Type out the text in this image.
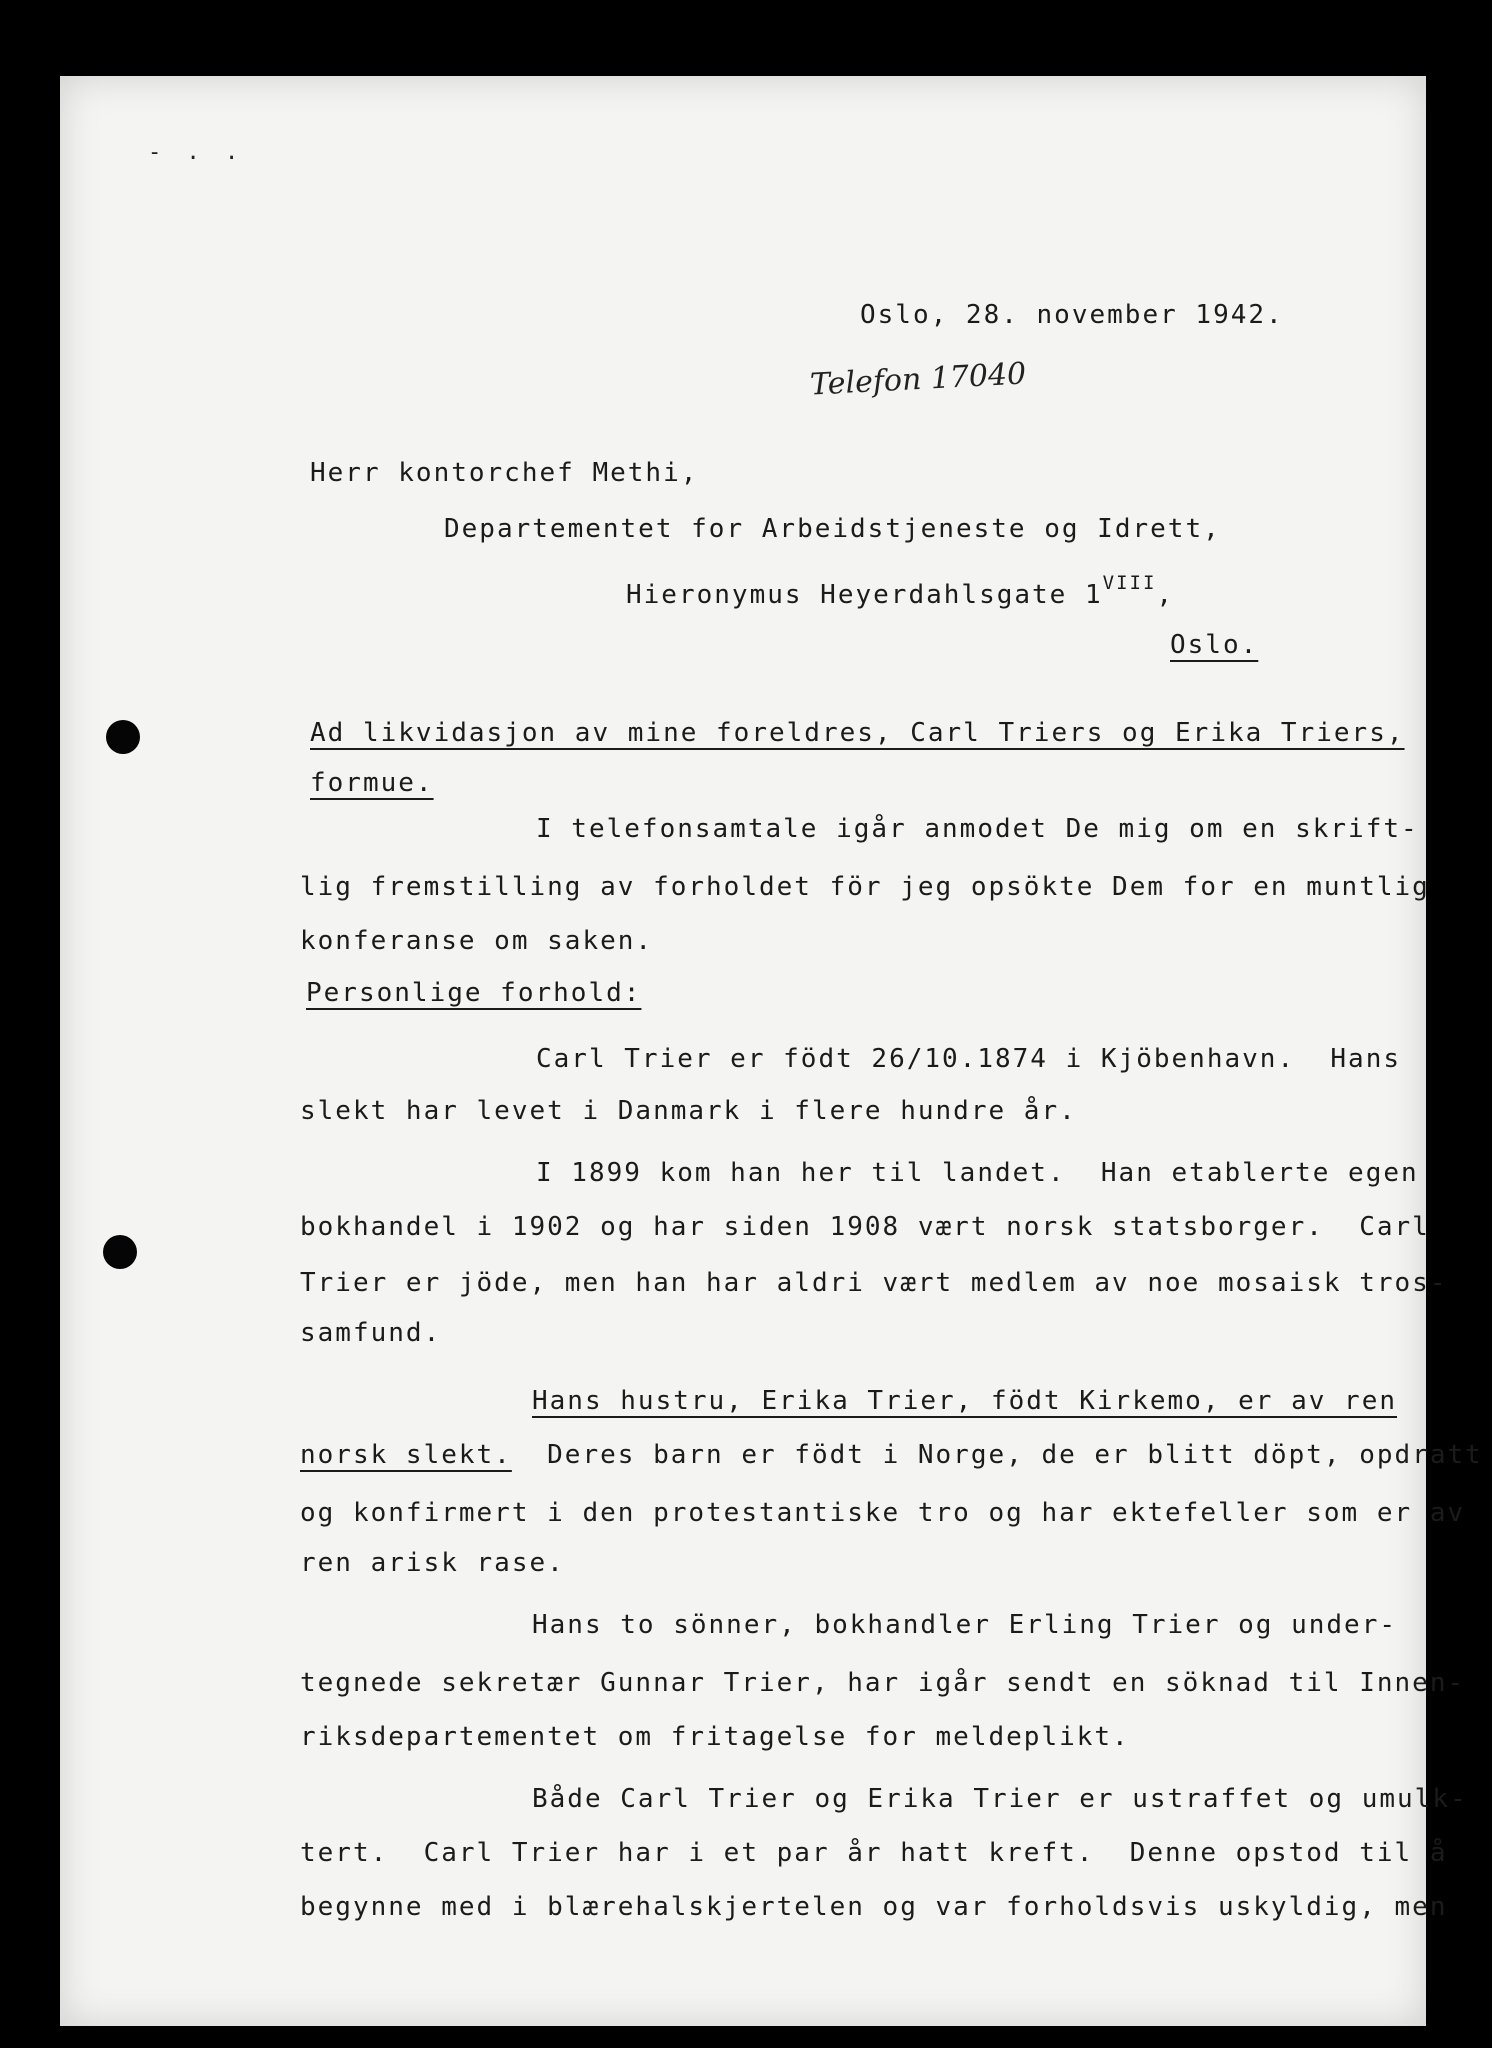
- . .
Oslo, 28. november 1942.
Telefon 17040
Herr kontorchef Methi,
Departementet for Arbeidstjeneste og Idrett,
Hieronymus Heyerdahlsgate $1^{VIII}$,
Oslo.
Ad likvidasjon av mine foreldres, Carl Triers og Erika Triers,
formue.
I telefonsamtale igår anmodet De mig om en skrift-
lig fremstilling av forholdet för jeg opsökte Dem for en muntlig
konferanse om saken.
Personlige forhold:
Carl Trier er födt 26/10.1874 i Kjöbenhavn.  Hans
slekt har levet i Danmark i flere hundre år.
I 1899 kom han her til landet.  Han etablerte egen
bokhandel i 1902 og har siden 1908 vært norsk statsborger.  Carl
Trier er jöde, men han har aldri vært medlem av noe mosaisk tros-
samfund.
Hans hustru, Erika Trier, födt Kirkemo, er av ren
norsk slekt.  Deres barn er födt i Norge, de er blitt döpt, opdratt
og konfirmert i den protestantiske tro og har ektefeller som er av
ren arisk rase.
Hans to sönner, bokhandler Erling Trier og under-
tegnede sekretær Gunnar Trier, har igår sendt en söknad til Innen-
riksdepartementet om fritagelse for meldeplikt.
Både Carl Trier og Erika Trier er ustraffet og umulk-
tert.  Carl Trier har i et par år hatt kreft.  Denne opstod til å
begynne med i blærehalskjertelen og var forholdsvis uskyldig, men
